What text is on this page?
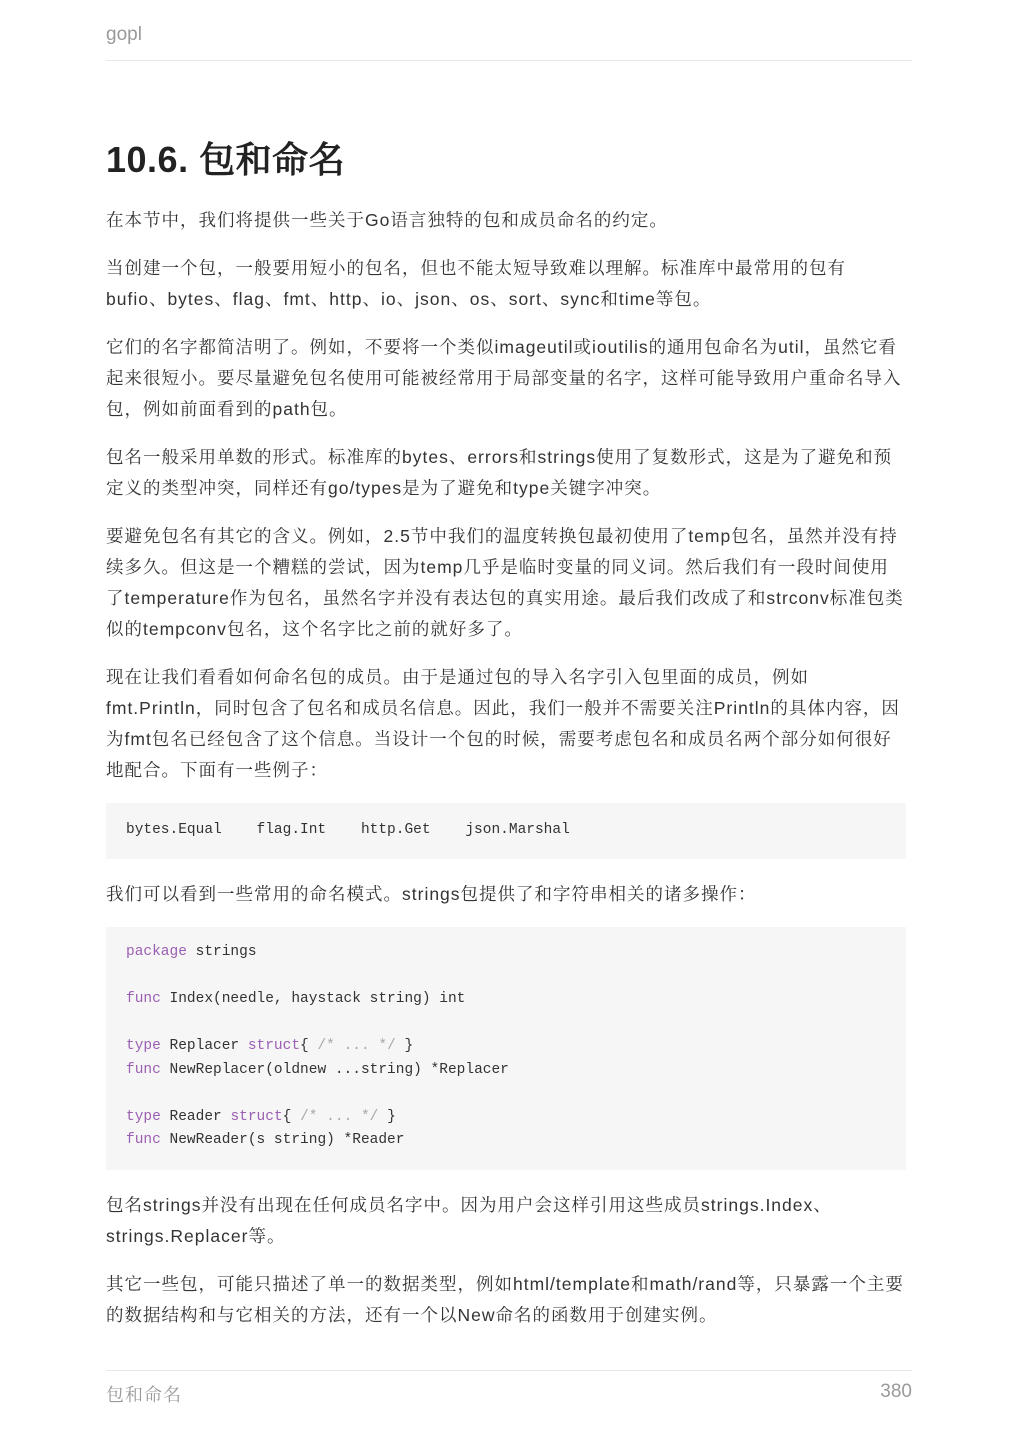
gopl
10.6. 包和命名

在本节中，我们将提供一些关于Go语言独特的包和成员命名的约定。

当创建一个包，一般要用短小的包名，但也不能太短导致难以理解。标准库中最常用的包有bufio、bytes、flag、fmt、http、io、json、os、sort、sync和time等包。

它们的名字都简洁明了。例如，不要将一个类似imageutil或ioutilis的通用包命名为util，虽然它看起来很短小。要尽量避免包名使用可能被经常用于局部变量的名字，这样可能导致用户重命名导入包，例如前面看到的path包。

包名一般采用单数的形式。标准库的bytes、errors和strings使用了复数形式，这是为了避免和预定义的类型冲突，同样还有go/types是为了避免和type关键字冲突。

要避免包名有其它的含义。例如，2.5节中我们的温度转换包最初使用了temp包名，虽然并没有持续多久。但这是一个糟糕的尝试，因为temp几乎是临时变量的同义词。然后我们有一段时间使用了temperature作为包名，虽然名字并没有表达包的真实用途。最后我们改成了和strconv标准包类似的tempconv包名，这个名字比之前的就好多了。

现在让我们看看如何命名包的成员。由于是通过包的导入名字引入包里面的成员，例如fmt.Println，同时包含了包名和成员名信息。因此，我们一般并不需要关注Println的具体内容，因为fmt包名已经包含了这个信息。当设计一个包的时候，需要考虑包名和成员名两个部分如何很好地配合。下面有一些例子：

bytes.Equal    flag.Int    http.Get    json.Marshal

我们可以看到一些常用的命名模式。strings包提供了和字符串相关的诸多操作：

package strings

func Index(needle, haystack string) int

type Replacer struct{ /* ... */ }
func NewReplacer(oldnew ...string) *Replacer

type Reader struct{ /* ... */ }
func NewReader(s string) *Reader

包名strings并没有出现在任何成员名字中。因为用户会这样引用这些成员strings.Index、strings.Replacer等。

其它一些包，可能只描述了单一的数据类型，例如html/template和math/rand等，只暴露一个主要的数据结构和与它相关的方法，还有一个以New命名的函数用于创建实例。

包和命名	380
